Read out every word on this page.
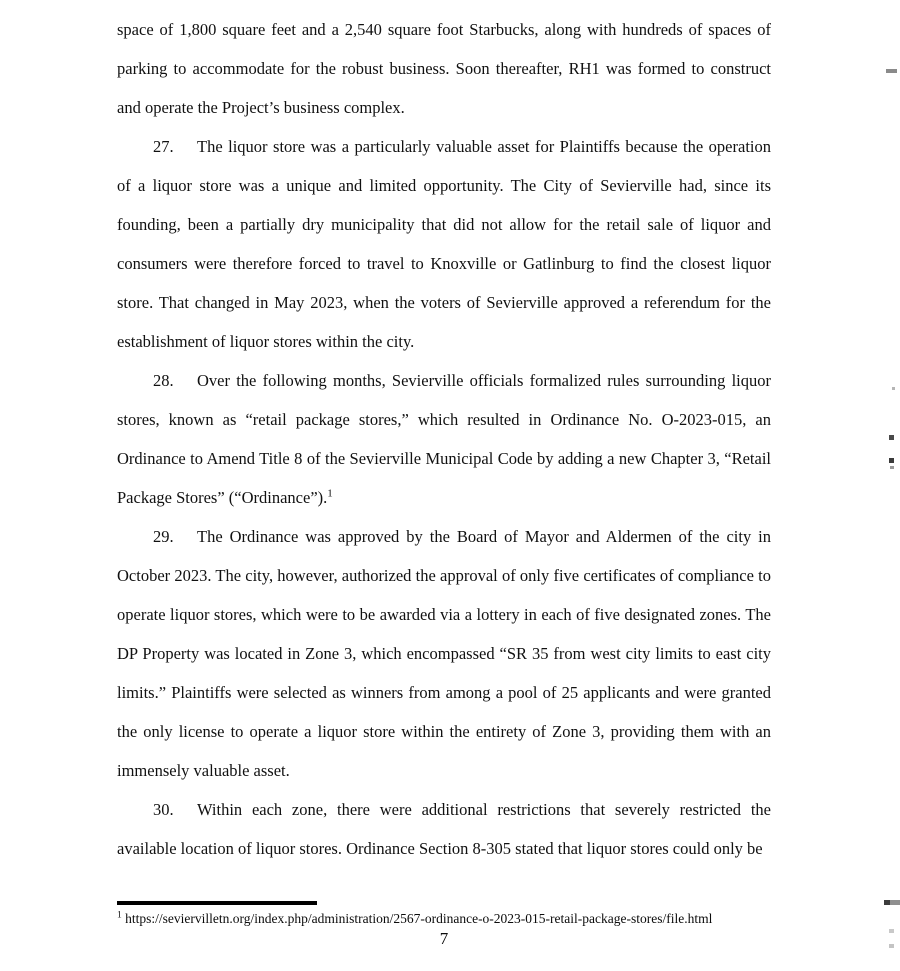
space of 1,800 square feet and a 2,540 square foot Starbucks, along with hundreds of spaces of parking to accommodate for the robust business. Soon thereafter, RH1 was formed to construct and operate the Project’s business complex.

27. The liquor store was a particularly valuable asset for Plaintiffs because the operation of a liquor store was a unique and limited opportunity. The City of Sevierville had, since its founding, been a partially dry municipality that did not allow for the retail sale of liquor and consumers were therefore forced to travel to Knoxville or Gatlinburg to find the closest liquor store. That changed in May 2023, when the voters of Sevierville approved a referendum for the establishment of liquor stores within the city.

28. Over the following months, Sevierville officials formalized rules surrounding liquor stores, known as “retail package stores,” which resulted in Ordinance No. O-2023-015, an Ordinance to Amend Title 8 of the Sevierville Municipal Code by adding a new Chapter 3, “Retail Package Stores” (“Ordinance”).$^1$

29. The Ordinance was approved by the Board of Mayor and Aldermen of the city in October 2023. The city, however, authorized the approval of only five certificates of compliance to operate liquor stores, which were to be awarded via a lottery in each of five designated zones. The DP Property was located in Zone 3, which encompassed “SR 35 from west city limits to east city limits.” Plaintiffs were selected as winners from among a pool of 25 applicants and were granted the only license to operate a liquor store within the entirety of Zone 3, providing them with an immensely valuable asset.

30. Within each zone, there were additional restrictions that severely restricted the available location of liquor stores. Ordinance Section 8-305 stated that liquor stores could only be

$^1$ https://seviervilletn.org/index.php/administration/2567-ordinance-o-2023-015-retail-package-stores/file.html
7
